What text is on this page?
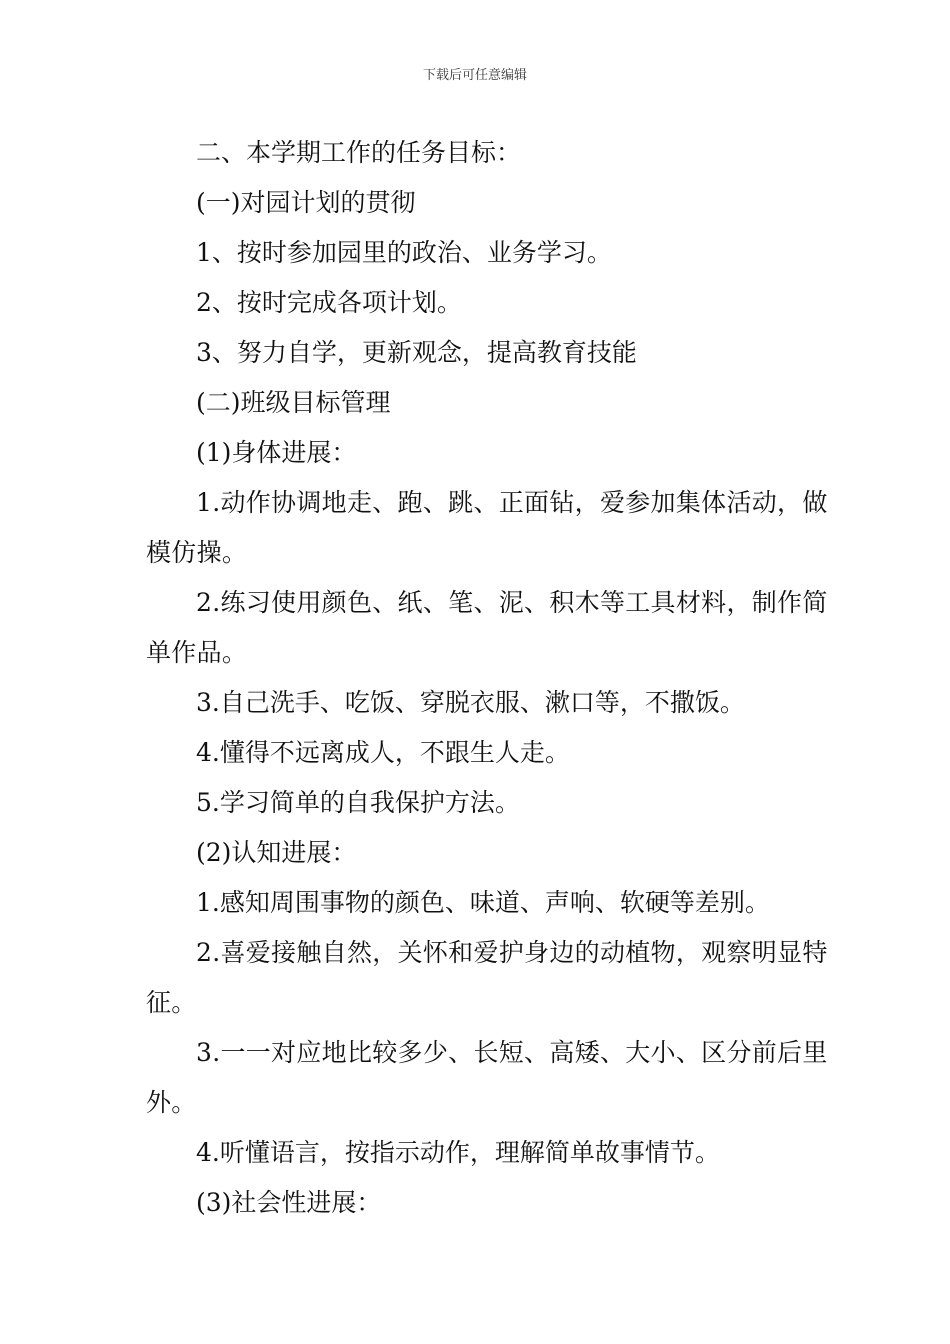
下载后可任意编辑

二、本学期工作的任务目标：

(一)对园计划的贯彻

1、按时参加园里的政治、业务学习。

2、按时完成各项计划。

3、努力自学，更新观念，提高教育技能

(二)班级目标管理

(1)身体进展：

1.动作协调地走、跑、跳、正面钻，爱参加集体活动，做模仿操。

2.练习使用颜色、纸、笔、泥、积木等工具材料，制作简单作品。

3.自己洗手、吃饭、穿脱衣服、漱口等，不撒饭。

4.懂得不远离成人，不跟生人走。

5.学习简单的自我保护方法。

(2)认知进展：

1.感知周围事物的颜色、味道、声响、软硬等差别。

2.喜爱接触自然，关怀和爱护身边的动植物，观察明显特征。

3.一一对应地比较多少、长短、高矮、大小、区分前后里外。

4.听懂语言，按指示动作，理解简单故事情节。

(3)社会性进展：
